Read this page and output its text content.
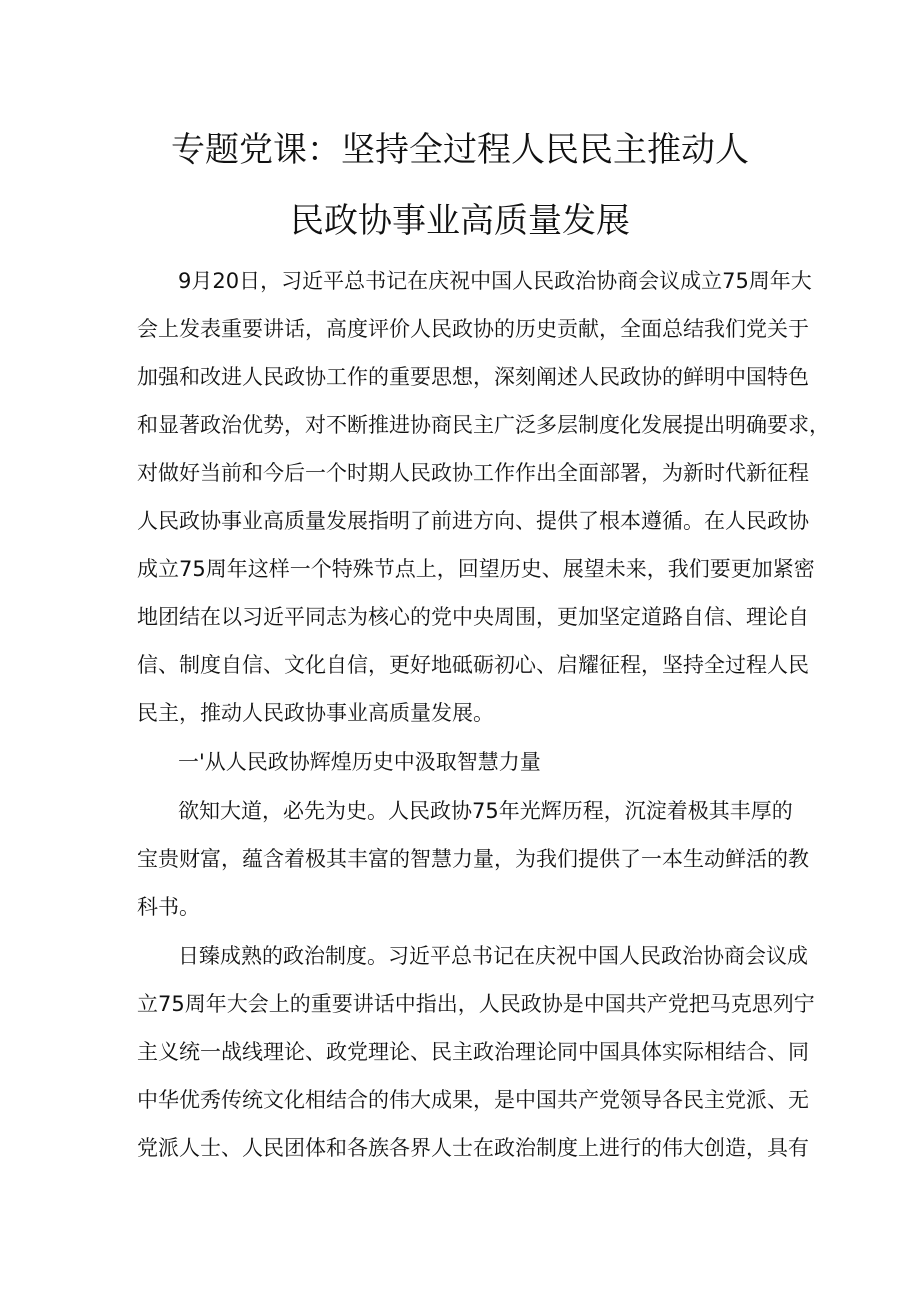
专题党课：坚持全过程人民民主推动人
民政协事业高质量发展
9月20日，习近平总书记在庆祝中国人民政治协商会议成立75周年大
会上发表重要讲话，高度评价人民政协的历史贡献，全面总结我们党关于
加强和改进人民政协工作的重要思想，深刻阐述人民政协的鲜明中国特色
和显著政治优势，对不断推进协商民主广泛多层制度化发展提出明确要求，
对做好当前和今后一个时期人民政协工作作出全面部署，为新时代新征程
人民政协事业高质量发展指明了前进方向、提供了根本遵循。在人民政协
成立75周年这样一个特殊节点上，回望历史、展望未来，我们要更加紧密
地团结在以习近平同志为核心的党中央周围，更加坚定道路自信、理论自
信、制度自信、文化自信，更好地砥砺初心、启耀征程，坚持全过程人民
民主，推动人民政协事业高质量发展。
一'从人民政协辉煌历史中汲取智慧力量
欲知大道，必先为史。人民政协75年光辉历程，沉淀着极其丰厚的
宝贵财富，蕴含着极其丰富的智慧力量，为我们提供了一本生动鲜活的教
科书。
日臻成熟的政治制度。习近平总书记在庆祝中国人民政治协商会议成
立75周年大会上的重要讲话中指出，人民政协是中国共产党把马克思列宁
主义统一战线理论、政党理论、民主政治理论同中国具体实际相结合、同
中华优秀传统文化相结合的伟大成果，是中国共产党领导各民主党派、无
党派人士、人民团体和各族各界人士在政治制度上进行的伟大创造，具有
